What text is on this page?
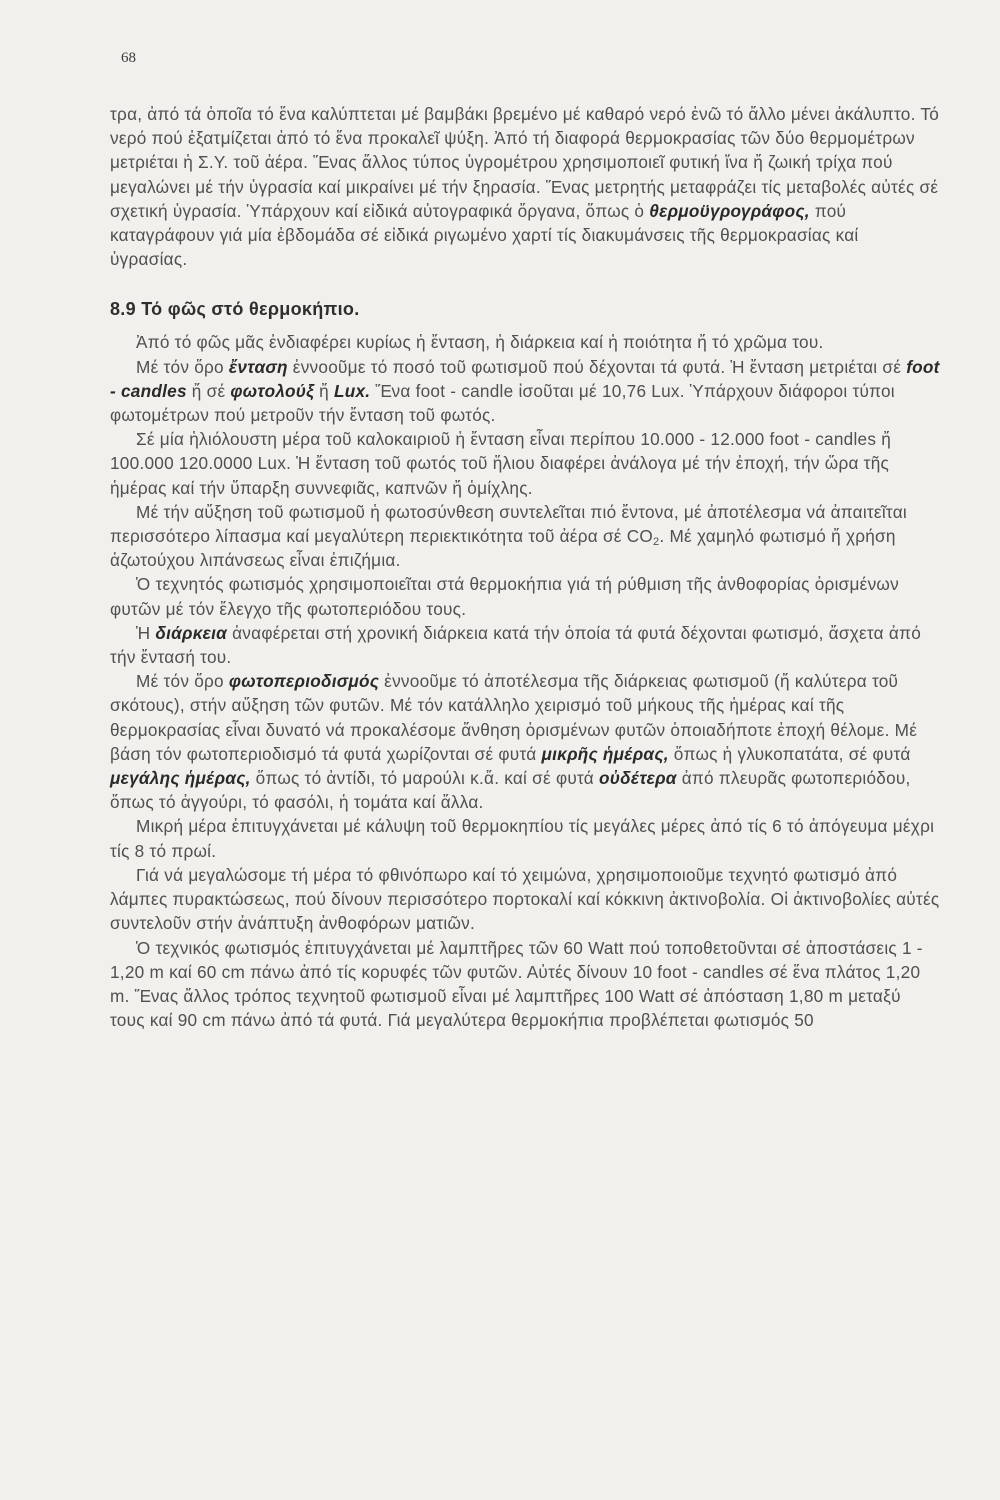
68

τρα, ἀπό τά ὁποῖα τό ἕνα καλύπτεται μέ βαμβάκι βρεμένο μέ καθαρό νερό ἐνῶ τό ἄλλο μένει ἀκάλυπτο. Τό νερό πού ἐξατμίζεται ἀπό τό ἕνα προκαλεῖ ψύξη. Ἀπό τή διαφορά θερμοκρασίας τῶν δύο θερμομέτρων μετριέται ἡ Σ.Υ. τοῦ ἀέρα. Ἕνας ἄλλος τύπος ὑγρομέτρου χρησιμοποιεῖ φυτική ἴνα ἤ ζωική τρίχα πού μεγαλώνει μέ τήν ὑγρασία καί μικραίνει μέ τήν ξηρασία. Ἕνας μετρητής μεταφράζει τίς μεταβολές αὐτές σέ σχετική ὑγρασία. Ὑπάρχουν καί εἰδικά αὐτογραφικά ὄργανα, ὅπως ὁ θερμοϋγρογράφος, πού καταγράφουν γιά μία ἑβδομάδα σέ εἰδικά ριγωμένο χαρτί τίς διακυμάνσεις τῆς θερμοκρασίας καί ὑγρασίας.

8.9 Τό φῶς στό θερμοκήπιο.

Ἀπό τό φῶς μᾶς ἐνδιαφέρει κυρίως ἡ ἔνταση, ἡ διάρκεια καί ἡ ποιότητα ἤ τό χρῶμα του.

Μέ τόν ὅρο ἔνταση ἐννοοῦμε τό ποσό τοῦ φωτισμοῦ πού δέχονται τά φυτά. Ἡ ἔνταση μετριέται σέ foot - candles ἤ σέ φωτολούξ ἤ Lux. Ἕνα foot - candle ἰσοῦται μέ 10,76 Lux. Ὑπάρχουν διάφοροι τύποι φωτομέτρων πού μετροῦν τήν ἔνταση τοῦ φωτός.

Σέ μία ἡλιόλουστη μέρα τοῦ καλοκαιριοῦ ἡ ἔνταση εἶναι περίπου 10.000 - 12.000 foot - candles ἤ 100.000 120.0000 Lux. Ἡ ἔνταση τοῦ φωτός τοῦ ἥλιου διαφέρει ἀνάλογα μέ τήν ἐποχή, τήν ὥρα τῆς ἡμέρας καί τήν ὕπαρξη συννεφιᾶς, καπνῶν ἤ ὁμίχλης.

Μέ τήν αὔξηση τοῦ φωτισμοῦ ἡ φωτοσύνθεση συντελεῖται πιό ἔντονα, μέ ἀποτέλεσμα νά ἀπαιτεῖται περισσότερο λίπασμα καί μεγαλύτερη περιεκτικότητα τοῦ ἀέρα σέ $CO_2$. Μέ χαμηλό φωτισμό ἤ χρήση ἀζωτούχου λιπάνσεως εἶναι ἐπιζήμια.

Ὁ τεχνητός φωτισμός χρησιμοποιεῖται στά θερμοκήπια γιά τή ρύθμιση τῆς ἀνθοφορίας ὁρισμένων φυτῶν μέ τόν ἔλεγχο τῆς φωτοπεριόδου τους.

Ἡ διάρκεια ἀναφέρεται στή χρονική διάρκεια κατά τήν ὁποία τά φυτά δέχονται φωτισμό, ἄσχετα ἀπό τήν ἔντασή του.

Μέ τόν ὅρο φωτοπεριοδισμός ἐννοοῦμε τό ἀποτέλεσμα τῆς διάρκειας φωτισμοῦ (ἤ καλύτερα τοῦ σκότους), στήν αὔξηση τῶν φυτῶν. Μέ τόν κατάλληλο χειρισμό τοῦ μήκους τῆς ἡμέρας καί τῆς θερμοκρασίας εἶναι δυνατό νά προκαλέσομε ἄνθηση ὁρισμένων φυτῶν ὁποιαδήποτε ἐποχή θέλομε. Μέ βάση τόν φωτοπεριοδισμό τά φυτά χωρίζονται σέ φυτά μικρῆς ἡμέρας, ὅπως ἡ γλυκοπατάτα, σέ φυτά μεγάλης ἡμέρας, ὅπως τό ἀντίδι, τό μαρούλι κ.ἄ. καί σέ φυτά οὐδέτερα ἀπό πλευρᾶς φωτοπεριόδου, ὅπως τό ἀγγούρι, τό φασόλι, ἡ τομάτα καί ἄλλα.

Μικρή μέρα ἐπιτυγχάνεται μέ κάλυψη τοῦ θερμοκηπίου τίς μεγάλες μέρες ἀπό τίς 6 τό ἀπόγευμα μέχρι τίς 8 τό πρωί.

Γιά νά μεγαλώσομε τή μέρα τό φθινόπωρο καί τό χειμώνα, χρησιμοποιοῦμε τεχνητό φωτισμό ἀπό λάμπες πυρακτώσεως, πού δίνουν περισσότερο πορτοκαλί καί κόκκινη ἀκτινοβολία. Οἱ ἀκτινοβολίες αὐτές συντελοῦν στήν ἀνάπτυξη ἀνθοφόρων ματιῶν.

Ὁ τεχνικός φωτισμός ἐπιτυγχάνεται μέ λαμπτῆρες τῶν 60 Watt πού τοποθετοῦνται σέ ἀποστάσεις 1 - 1,20 m καί 60 cm πάνω ἀπό τίς κορυφές τῶν φυτῶν. Αὐτές δίνουν 10 foot - candles σέ ἕνα πλάτος 1,20 m. Ἕνας ἄλλος τρόπος τεχνητοῦ φωτισμοῦ εἶναι μέ λαμπτῆρες 100 Watt σέ ἀπόσταση 1,80 m μεταξύ τους καί 90 cm πάνω ἀπό τά φυτά. Γιά μεγαλύτερα θερμοκήπια προβλέπεται φωτισμός 50
